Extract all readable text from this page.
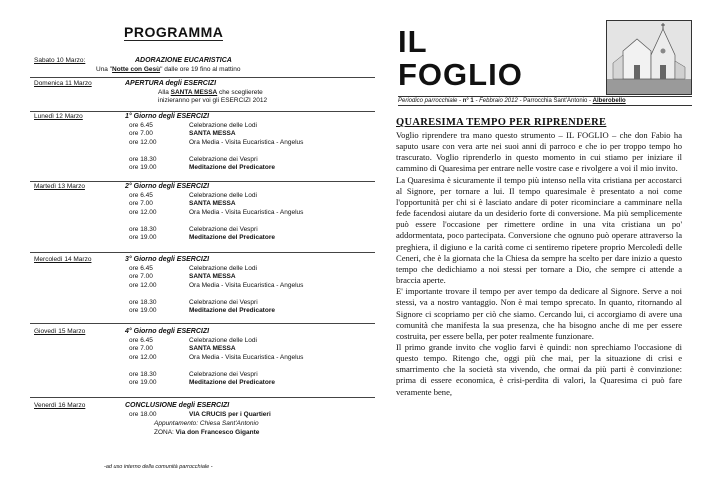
PROGRAMMA
Sabato 10 Marzo:	ADORAZIONE EUCARISTICA
Una "Notte con Gesù" dalle ore 19 fino al mattino
Domenica 11 Marzo	APERTURA degli ESERCIZI
Alla SANTA MESSA che sceglierete
inizieranno per voi gli ESERCIZI 2012
Lunedì 12 Marzo	1° Giorno degli ESERCIZI
ore 6.45	Celebrazione delle Lodi
ore 7.00	SANTA MESSA
ore 12.00	Ora Media - Visita Eucaristica - Angelus
ore 18.30	Celebrazione dei Vespri
ore 19.00	Meditazione del Predicatore
Martedì 13 Marzo	2° Giorno degli ESERCIZI
ore 6.45	Celebrazione delle Lodi
ore 7.00	SANTA MESSA
ore 12.00	Ora Media - Visita Eucaristica - Angelus
ore 18.30	Celebrazione dei Vespri
ore 19.00	Meditazione del Predicatore
Mercoledì 14 Marzo	3° Giorno degli ESERCIZI
ore 6.45	Celebrazione delle Lodi
ore 7.00	SANTA MESSA
ore 12.00	Ora Media - Visita Eucaristica - Angelus
ore 18.30	Celebrazione dei Vespri
ore 19.00	Meditazione del Predicatore
Giovedì 15 Marzo	4° Giorno degli ESERCIZI
ore 6.45	Celebrazione delle Lodi
ore 7.00	SANTA MESSA
ore 12.00	Ora Media - Visita Eucaristica - Angelus
ore 18.30	Celebrazione dei Vespri
ore 19.00	Meditazione del Predicatore
Venerdì 16 Marzo	CONCLUSIONE degli ESERCIZI
ore 18.00	VIA CRUCIS per i Quartieri
Appuntamento: Chiesa Sant'Antonio
ZONA: Via don Francesco Gigante
-ad uso interno della comunità parrocchiale -
IL
FOGLIO
Periodico parrocchiale - n° 1 - Febbraio 2012 - Parrocchia Sant'Antonio - Alberobello
QUARESIMA TEMPO PER RIPRENDERE

Voglio riprendere tra mano questo strumento – IL FOGLIO – che don Fabio ha saputo usare con vera arte nei suoi anni di parroco e che io per troppo tempo ho trascurato. Voglio riprenderlo in questo momento in cui stiamo per iniziare il cammino di Quaresima per entrare nelle vostre case e rivolgere a voi il mio invito.

La Quaresima è sicuramente il tempo più intenso nella vita cristiana per accostarci al Signore, per tornare a lui. Il tempo quaresimale è presentato a noi come l'opportunità per chi si è lasciato andare di poter ricominciare a camminare nella fede facendosi aiutare da un desiderio forte di conversione. Ma più semplicemente può essere l'occasione per rimettere ordine in una vita cristiana un po' addormentata, poco partecipata. Conversione che ognuno può operare attraverso la preghiera, il digiuno e la carità come ci sentiremo ripetere proprio Mercoledì delle Ceneri, che è la giornata che la Chiesa da sempre ha scelto per dare inizio a questo tempo che dedichiamo a noi stessi per tornare a Dio, che sempre ci attende a braccia aperte.

E' importante trovare il tempo per aver tempo da dedicare al Signore. Serve a noi stessi, va a nostro vantaggio. Non è mai tempo sprecato. In quanto, ritornando al Signore ci scopriamo per ciò che siamo. Cercando lui, ci accorgiamo di avere una comunità che manifesta la sua presenza, che ha bisogno anche di me per essere costruita, per essere bella, per poter realmente funzionare.

Il primo grande invito che voglio farvi è quindi: non sprechiamo l'occasione di questo tempo. Ritengo che, oggi più che mai, per la situazione di crisi e smarrimento che la società sta vivendo, che ormai da più parti è convinzione: prima di essere economica, è crisi-perdita di valori, la Quaresima ci può fare veramente bene,
